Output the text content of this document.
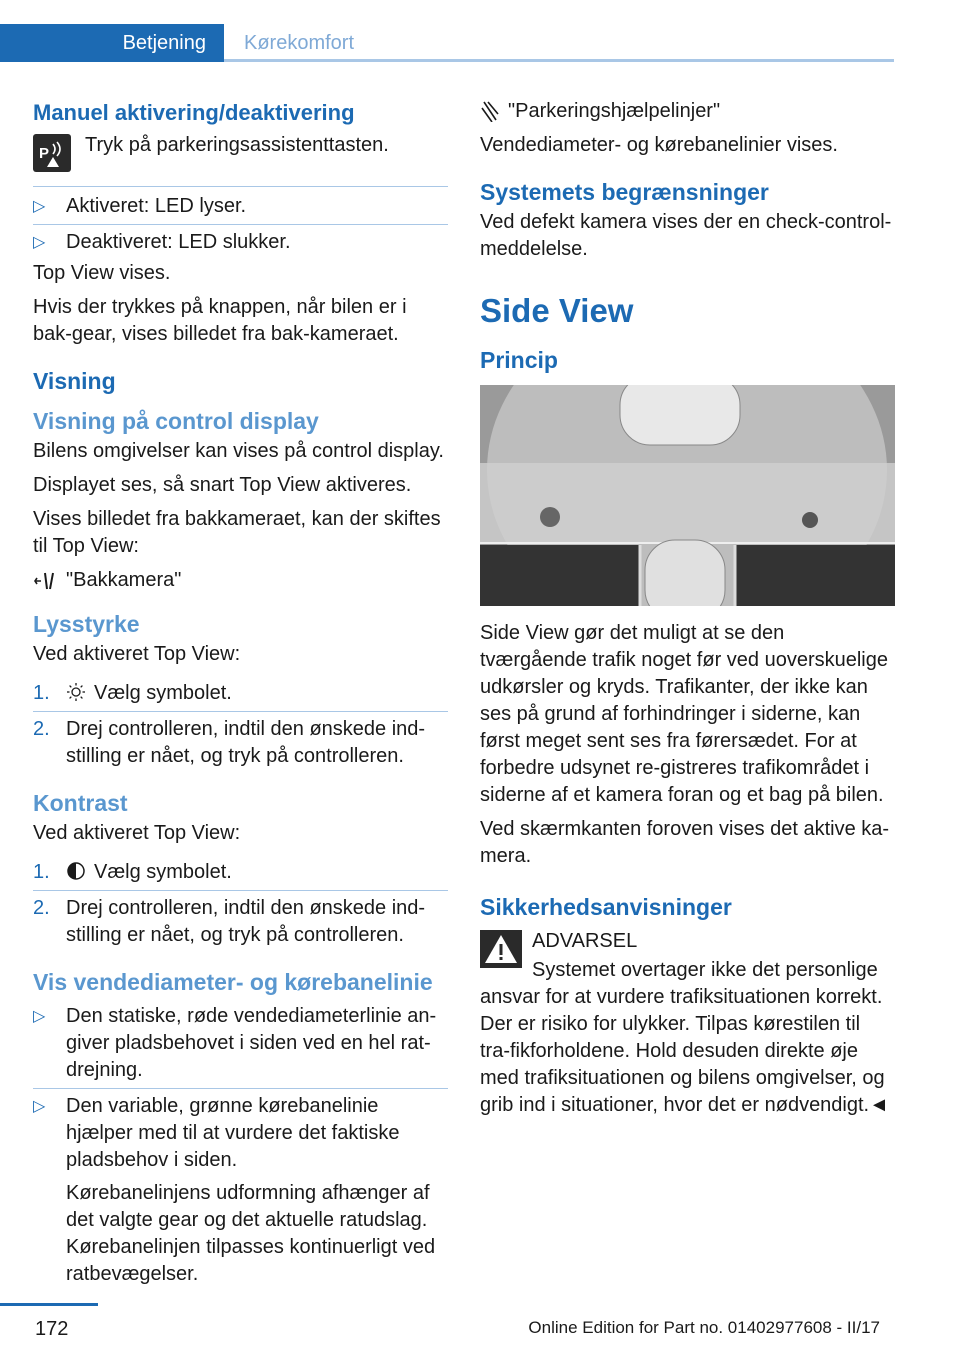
Betjening	Kørekomfort

Manuel aktivering/deaktivering

P Tryk på parkeringsassistenttasten.

▷ Aktiveret: LED lyser.
▷ Deaktiveret: LED slukker.

Top View vises.

Hvis der trykkes på knappen, når bilen er i bak-gear, vises billedet fra bak-kameraet.

Visning

Visning på control display

Bilens omgivelser kan vises på control display.

Displayet ses, så snart Top View aktiveres.

Vises billedet fra bakkameraet, kan der skiftes til Top View:

"Bakkamera"

Lysstyrke

Ved aktiveret Top View:

1. Vælg symbolet.
2. Drej controlleren, indtil den ønskede ind-stilling er nået, og tryk på controlleren.

Kontrast

Ved aktiveret Top View:

1. Vælg symbolet.
2. Drej controlleren, indtil den ønskede ind-stilling er nået, og tryk på controlleren.

Vis vendediameter- og kørebanelinie

▷ Den statiske, røde vendediameterlinie an-giver pladsbehovet i siden ved en hel rat-drejning.
▷ Den variable, grønne kørebanelinie hjælper med til at vurdere det faktiske pladsbehov i siden.
Kørebanelinjens udformning afhænger af det valgte gear og det aktuelle ratudslag. Kørebanelinjen tilpasses kontinuerligt ved ratbevægelser.

"Parkeringshjælpelinjer"

Vendediameter- og kørebanelinier vises.

Systemets begrænsninger

Ved defekt kamera vises der en check-control-meddelelse.

Side View

Princip

Side View gør det muligt at se den tværgående trafik noget før ved uoverskuelige udkørsler og kryds. Trafikanter, der ikke kan ses på grund af forhindringer i siderne, kan først meget sent ses fra førersædet. For at forbedre udsynet re-gistreres trafikområdet i siderne af et kamera foran og et bag på bilen.

Ved skærmkanten foroven vises det aktive ka-mera.

Sikkerhedsanvisninger

ADVARSEL

Systemet overtager ikke det personlige ansvar for at vurdere trafiksituationen korrekt. Der er risiko for ulykker. Tilpas kørestilen til tra-fikforholdene. Hold desuden direkte øje med trafiksituationen og bilens omgivelser, og grib ind i situationer, hvor det er nødvendigt.◄

172	Online Edition for Part no. 01402977608 - II/17
